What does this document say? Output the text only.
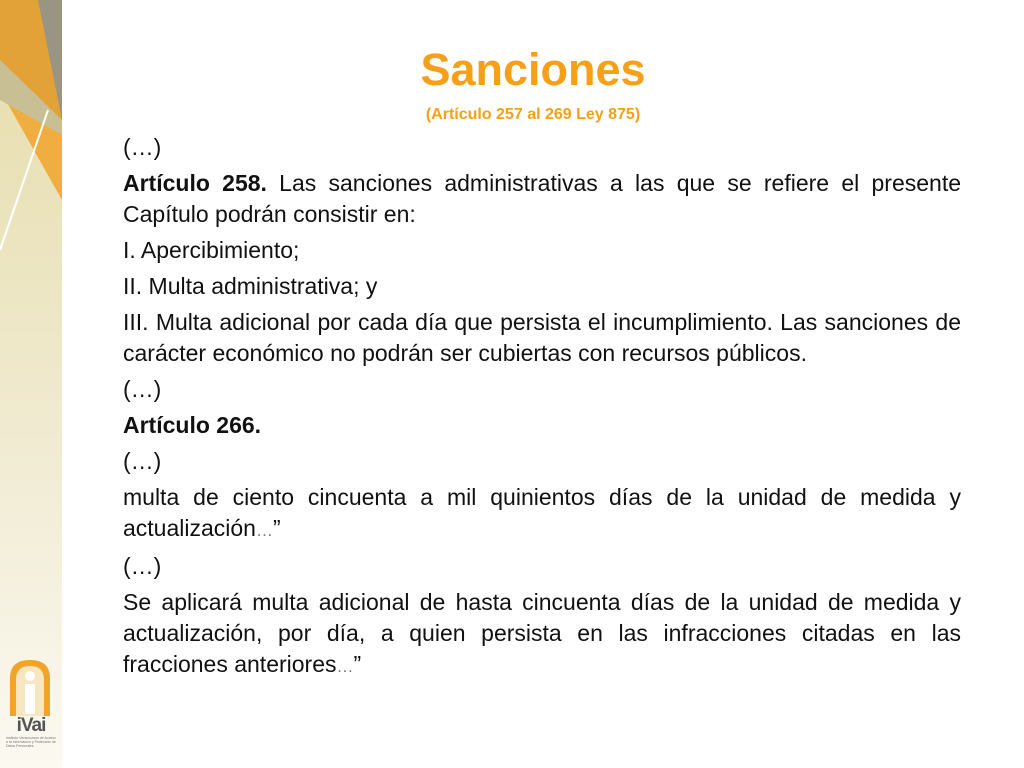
iVai
Instituto Veracruzano de Acceso a la Información y Protección de Datos Personales
Sanciones
(Artículo 257 al 269 Ley 875)

(…)

Artículo 258. Las sanciones administrativas a las que se refiere el presente Capítulo podrán consistir en:

I. Apercibimiento;

II. Multa administrativa; y

III. Multa adicional por cada día que persista el incumplimiento. Las sanciones de carácter económico no podrán ser cubiertas con recursos públicos.

(…)

Artículo 266.

(…)

multa de ciento cincuenta a mil quinientos días de la unidad de medida y actualización…”

(…)

Se aplicará multa adicional de hasta cincuenta días de la unidad de medida y actualización, por día, a quien persista en las infracciones citadas en las fracciones anteriores…”
